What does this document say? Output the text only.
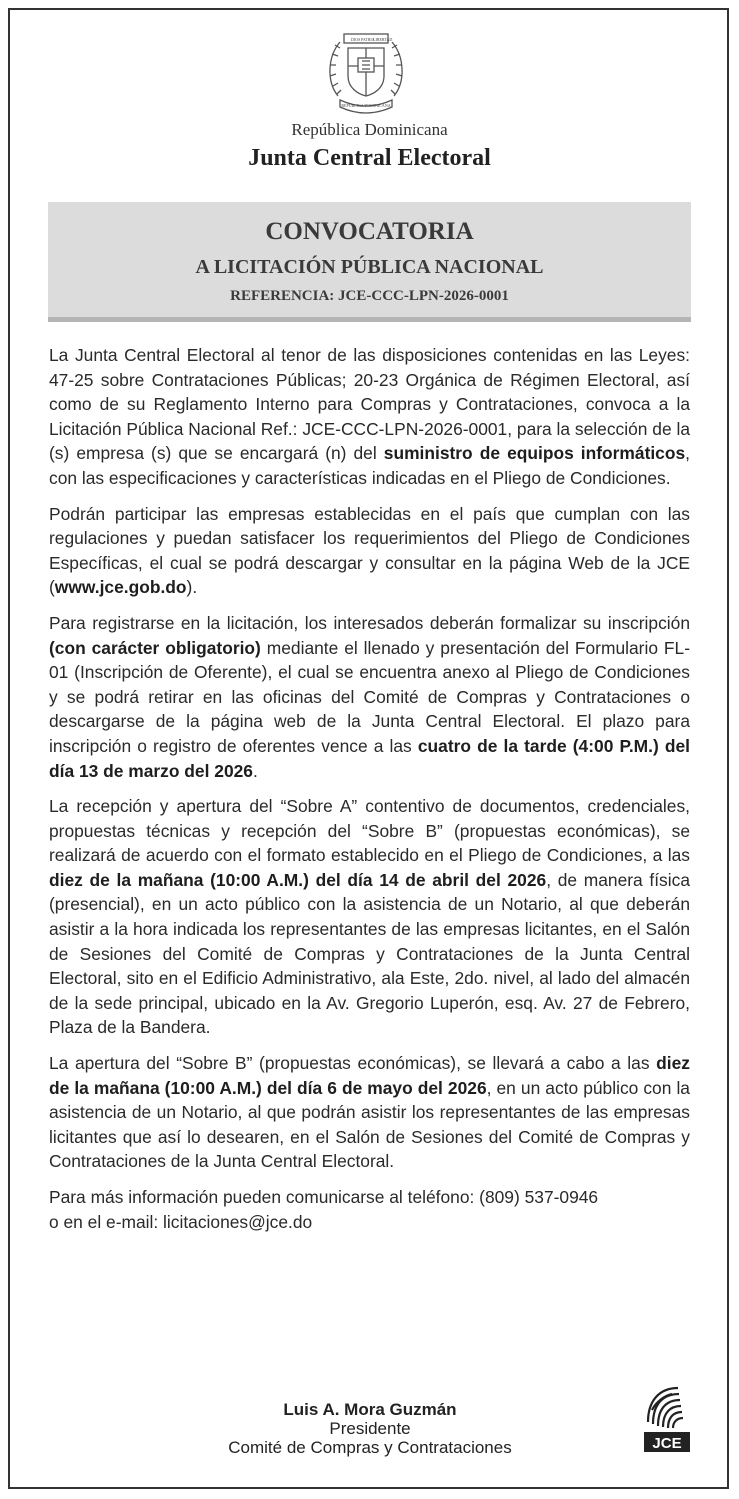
DIOS PATRIA
LIBERTAD
REPÚBLICA DOMINICANA
República Dominicana
Junta Central Electoral
CONVOCATORIA
A LICITACIÓN PÚBLICA NACIONAL
REFERENCIA: JCE-CCC-LPN-2026-0001

La Junta Central Electoral al tenor de las disposiciones contenidas en las Leyes: 47-25 sobre Contrataciones Públicas; 20-23 Orgánica de Régimen Electoral, así como de su Reglamento Interno para Compras y Contrataciones, convoca a la Licitación Pública Nacional Ref.: JCE-CCC-LPN-2026-0001, para la selección de la (s) empresa (s) que se encargará (n) del suministro de equipos informáticos, con las especificaciones y características indicadas en el Pliego de Condiciones.

Podrán participar las empresas establecidas en el país que cumplan con las regulaciones y puedan satisfacer los requerimientos del Pliego de Condiciones Específicas, el cual se podrá descargar y consultar en la página Web de la JCE (www.jce.gob.do).

Para registrarse en la licitación, los interesados deberán formalizar su inscripción (con carácter obligatorio) mediante el llenado y presentación del Formulario FL-01 (Inscripción de Oferente), el cual se encuentra anexo al Pliego de Condiciones y se podrá retirar en las oficinas del Comité de Compras y Contrataciones o descargarse de la página web de la Junta Central Electoral. El plazo para inscripción o registro de oferentes vence a las cuatro de la tarde (4:00 P.M.) del día 13 de marzo del 2026.

La recepción y apertura del “Sobre A” contentivo de documentos, credenciales, propuestas técnicas y recepción del “Sobre B” (propuestas económicas), se realizará de acuerdo con el formato establecido en el Pliego de Condiciones, a las diez de la mañana (10:00 A.M.) del día 14 de abril del 2026, de manera física (presencial), en un acto público con la asistencia de un Notario, al que deberán asistir a la hora indicada los representantes de las empresas licitantes, en el Salón de Sesiones del Comité de Compras y Contrataciones de la Junta Central Electoral, sito en el Edificio Administrativo, ala Este, 2do. nivel, al lado del almacén de la sede principal, ubicado en la Av. Gregorio Luperón, esq. Av. 27 de Febrero, Plaza de la Bandera.

La apertura del “Sobre B” (propuestas económicas), se llevará a cabo a las diez de la mañana (10:00 A.M.) del día 6 de mayo del 2026, en un acto público con la asistencia de un Notario, al que podrán asistir los representantes de las empresas licitantes que así lo desearen, en el Salón de Sesiones del Comité de Compras y Contrataciones de la Junta Central Electoral.

Para más información pueden comunicarse al teléfono: (809) 537-0946
o en el e-mail: licitaciones@jce.do

Luis A. Mora Guzmán
Presidente
Comité de Compras y Contrataciones	JCE
